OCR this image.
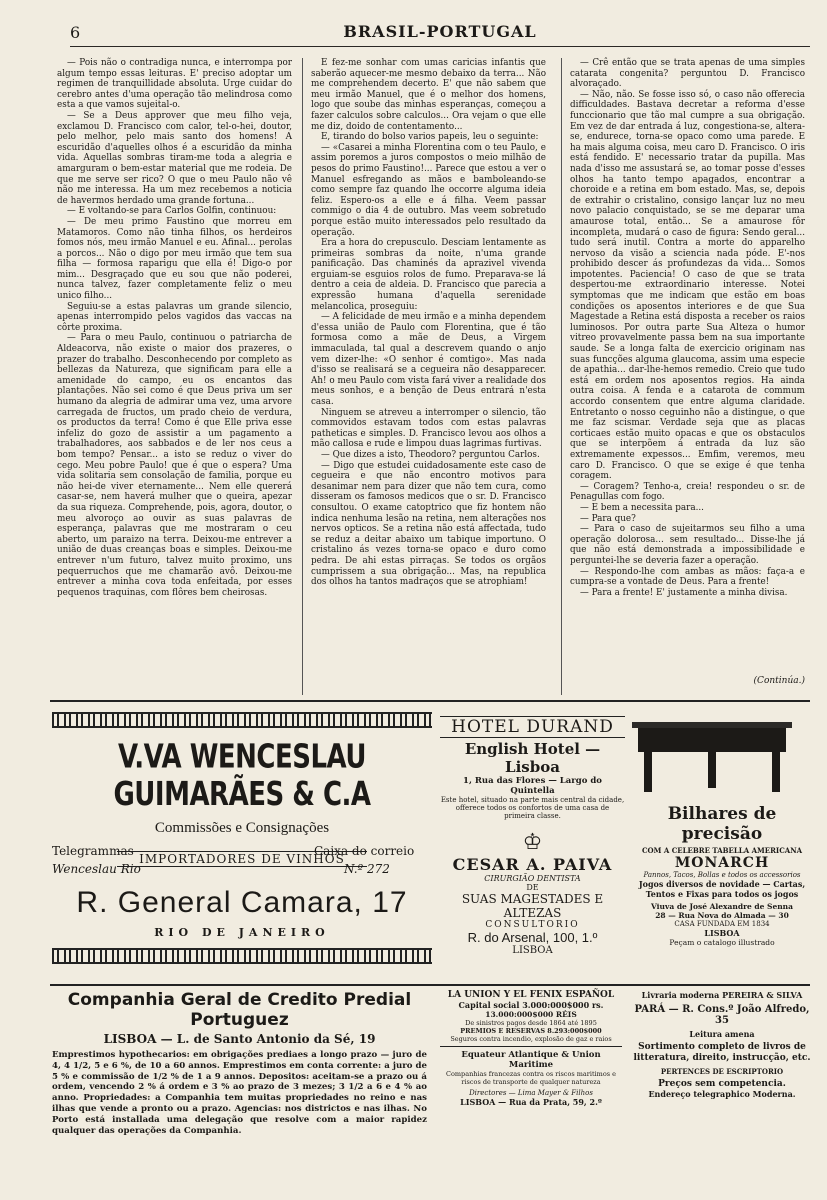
6	BRASIL-PORTUGAL

— Pois não o contradiga nunca, e interrompa por algum tempo essas leituras. E' preciso adoptar um regimen de tranquillidade absoluta. Urge cuidar do cerebro antes d'uma operação tão melindrosa como esta a que vamos sujeital-o.

— Se a Deus approver que meu filho veja, exclamou D. Francisco com calor, tel-o-hei, doutor, pelo melhor, pelo mais santo dos homens! A escuridão d'aquelles olhos é a escuridão da minha vida. Aquellas sombras tiram-me toda a alegria e amarguram o bem-estar material que me rodeia. De que me serve ser rico? O que o meu Paulo não vê não me interessa. Ha um mez recebemos a noticia de havermos herdado uma grande fortuna...

— E voltando-se para Carlos Golfin, continuou:

— De meu primo Faustino que morreu em Matamoros. Como não tinha filhos, os herdeiros fomos nós, meu irmão Manuel e eu. Afinal... perolas a porcos... Não o digo por meu irmão que tem sua filha — formosa raparigu que ella é! Digo-o por mim... Desgraçado que eu sou que não poderei, nunca talvez, fazer completamente feliz o meu unico filho...

Seguiu-se a estas palavras um grande silencio, apenas interrompido pelos vagidos das vaccas na côrte proxima.

— Para o meu Paulo, continuou o patriarcha de Aldeacorva, não existe o maior dos prazeres, o prazer do trabalho. Desconhecendo por completo as bellezas da Natureza, que significam para elle a amenidade do campo, eu os encantos das plantações. Não sei como é que Deus priva um ser humano da alegria de admirar uma vez, uma arvore carregada de fructos, um prado cheio de verdura, os productos da terra! Como é que Elle priva esse infeliz do gozo de assistir a um pagamento a trabalhadores, aos sabbados e de ler nos ceus a bom tempo? Pensar... a isto se reduz o viver do cego. Meu pobre Paulo! que é que o espera? Uma vida solitaria sem consolação de familia, porque eu não hei-de viver eternamente... Nem elle quererá casar-se, nem haverá mulher que o queira, apezar da sua riqueza. Comprehende, pois, agora, doutor, o meu alvoroço ao ouvir as suas palavras de esperança, palavras que me mostraram o ceu aberto, um paraizo na terra. Deixou-me entrever a união de duas creanças boas e simples. Deixou-me entrever n'um futuro, talvez muito proximo, uns pequerruchos que me chamarão avô. Deixou-me entrever a minha cova toda enfeitada, por esses pequenos traquinas, com flôres bem cheirosas.

E fez-me sonhar com umas caricias infantis que saberão aquecer-me mesmo debaixo da terra... Não me comprehendem decerto. E' que não sabem que meu irmão Manuel, que é o melhor dos homens, logo que soube das minhas esperanças, começou a fazer calculos sobre calculos... Ora vejam o que elle me diz, doido de contentamento...

E, tirando do bolso varios papeis, leu o seguinte:

— «Casarei a minha Florentina com o teu Paulo, e assim poremos a juros compostos o meio milhão de pesos do primo Faustino!... Parece que estou a ver o Manuel esfregando as mãos e bamboleando-se como sempre faz quando lhe occorre alguma ideia feliz. Espero-os a elle e á filha. Veem passar commigo o dia 4 de outubro. Mas veem sobretudo porque estão muito interessados pelo resultado da operação.

Era a hora do crepusculo. Desciam lentamente as primeiras sombras da noite, n'uma grande panificação. Das chaminés da aprazivel vivenda erguiam-se esguios rolos de fumo. Preparava-se lá dentro a ceia de aldeia. D. Francisco que parecia a expressão humana d'aquella serenidade melancolica, proseguiu:

— A felicidade de meu irmão e a minha dependem d'essa união de Paulo com Florentina, que é tão formosa como a mãe de Deus, a Virgem immaculada, tal qual a descrevem quando o anjo vem dizer-lhe: «O senhor é comtigo». Mas nada d'isso se realisará se a cegueira não desapparecer. Ah! o meu Paulo com vista fará viver a realidade dos meus sonhos, e a benção de Deus entrará n'esta casa.

Ninguem se atreveu a interromper o silencio, tão commovidos estavam todos com estas palavras patheticas e simples. D. Francisco levou aos olhos a mão callosa e rude e limpou duas lagrimas furtivas.

— Que dizes a isto, Theodoro? perguntou Carlos.

— Digo que estudei cuidadosamente este caso de cegueira e que não encontro motivos para desanimar nem para dizer que não tem cura, como disseram os famosos medicos que o sr. D. Francisco consultou. O exame catoptrico que fiz hontem não indica nenhuma lesão na retina, nem alterações nos nervos opticos. Se a retina não está affectada, tudo se reduz a deitar abaixo um tabique importuno. O cristalino ás vezes torna-se opaco e duro como pedra. De ahi estas pirraças. Se todos os orgãos cumprissem a sua obrigação... Mas, na republica dos olhos ha tantos madraços que se atrophiam!

— Crê então que se trata apenas de uma simples catarata congenita? perguntou D. Francisco alvoraçado.

— Não, não. Se fosse isso só, o caso não offerecia difficuldades. Bastava decretar a reforma d'esse funccionario que tão mal cumpre a sua obrigação. Em vez de dar entrada á luz, congestiona-se, altera-se, endurece, torna-se opaco como uma parede. E ha mais alguma coisa, meu caro D. Francisco. O iris está fendido. E' necessario tratar da pupilla. Mas nada d'isso me assustará se, ao tomar posse d'esses olhos ha tanto tempo apagados, encontrar a choroide e a retina em bom estado. Mas, se, depois de extrahir o cristalino, consigo lançar luz no meu novo palacio conquistado, se se me deparar uma amaurose total, então... Se a amaurose fôr incompleta, mudará o caso de figura: Sendo geral... tudo será inutil. Contra a morte do apparelho nervoso da visão a sciencia nada póde. E'-nos prohibido descer ás profundezas da vida... Somos impotentes. Paciencia! O caso de que se trata despertou-me extraordinario interesse. Notei symptomas que me indicam que estão em boas condições os aposentos interiores e de que Sua Magestade a Retina está disposta a receber os raios luminosos. Por outra parte Sua Alteza o humor vitreo provavelmente passa bem na sua importante saude. Se a longa falta de exercicio originam nas suas funcções alguma glaucoma, assim uma especie de apathia... dar-lhe-hemos remedio. Creio que tudo está em ordem nos aposentos regios. Ha ainda outra coisa. A fenda e a catarota de commum accordo consentem que entre alguma claridade. Entretanto o nosso ceguinho não a distingue, o que me faz scismar. Verdade seja que as placas corticaes estão muito opacas e que os obstaculos que se interpõem á entrada da luz são extremamente expessos... Emfim, veremos, meu caro D. Francisco. O que se exige é que tenha coragem.

— Coragem? Tenho-a, creia! respondeu o sr. de Penagullas com fogo.

— E bem a necessita para...

— Para que?

— Para o caso de sujeitarmos seu filho a uma operação dolorosa... sem resultado... Disse-lhe já que não está demonstrada a impossibilidade e perguntei-lhe se deveria fazer a operação.

— Respondo-lhe com ambas as mãos: faça-a e cumpra-se a vontade de Deus. Para a frente!

— Para a frente! E' justamente a minha divisa.

(Continúa.)
V.VA WENCESLAU GUIMARÃES & C.A
Commissões e Consignações
IMPORTADORES DE VINHOS
Telegrammas
Wenceslau Rio
Caixa do correio
N.º 272
R. General Camara, 17
RIO DE JANEIRO
HOTEL DURAND
English Hotel — Lisboa
1, Rua das Flores — Largo do Quintella
Este hotel, situado na parte mais central da cidade, offerece todos os confortos de uma casa de primeira classe.
♔
CESAR A. PAIVA
CIRURGIÃO DENTISTA
DE
SUAS MAGESTADES E ALTEZAS
CONSULTORIO
R. do Arsenal, 100, 1.º
LISBOA
Bilhares de precisão
COM A CELEBRE TABELLA AMERICANA
MONARCH
Pannos, Tacos, Bollas e todos os accessorios
Jogos diversos de novidade — Cartas, Tentos e Fixas para todos os jogos
Viuva de José Alexandre de Senna
28 — Rua Nova do Almada — 30
CASA FUNDADA EM 1834
LISBOA
Peçam o catalogo illustrado
Companhia Geral de Credito Predial Portuguez
LISBOA — L. de Santo Antonio da Sé, 19
Emprestimos hypothecarios: em obrigações prediaes a longo prazo — juro de 4, 4 1/2, 5 e 6 %, de 10 a 60 annos. Emprestimos em conta corrente: a juro de 5 % e commissão de 1/2 % de 1 a 9 annos. Depositos: aceitam-se a prazo ou á ordem, vencendo 2 % á ordem e 3 % ao prazo de 3 mezes; 3 1/2 a 6 e 4 % ao anno. Propriedades: a Companhia tem muitas propriedades no reino e nas ilhas que vende a pronto ou a prazo. Agencias: nos districtos e nas ilhas. No Porto está installada uma delegação que resolve com a maior rapidez qualquer das operações da Companhia.
LA UNION Y EL FENIX ESPAÑOL
Capital social 3.000:000$000 rs.
13.000:000$000 RÉIS
De sinistros pagos desde 1864 até 1895
PREMIOS E RESERVAS 8.293:000$000
Seguros contra incendio, explosão de gaz e raios
Equateur Atlantique & Union Maritime
Companhias francezas contra os riscos maritimos e riscos de transporte de qualquer natureza
Directores — Lima Mayer & Filhos
LISBOA — Rua da Prata, 59, 2.º
Livraria moderna PEREIRA & SILVA
PARÁ — R. Cons.º João Alfredo, 35
Leitura amena
Sortimento completo de livros de litteratura, direito, instrucção, etc.
PERTENCES DE ESCRIPTORIO
Preços sem competencia.
Endereço telegraphico Moderna.
